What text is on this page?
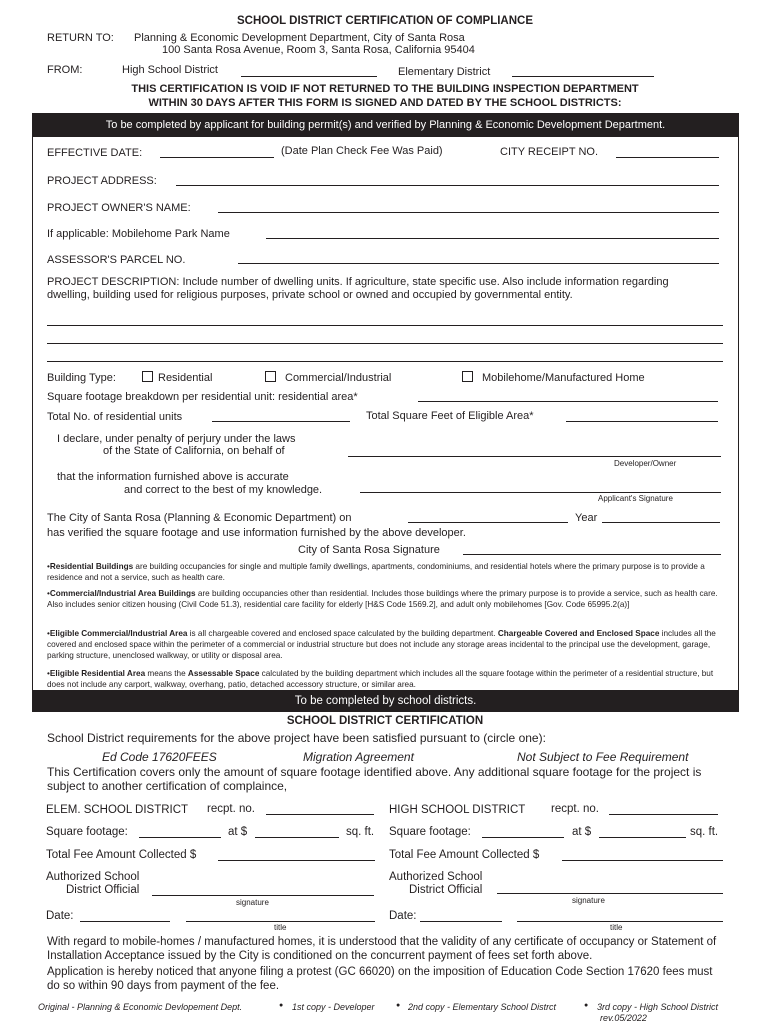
SCHOOL DISTRICT CERTIFICATION OF COMPLIANCE
RETURN TO: Planning & Economic Development Department, City of Santa Rosa
100 Santa Rosa Avenue, Room 3, Santa Rosa, California 95404
FROM:	High School District	Elementary District
THIS CERTIFICATION IS VOID IF NOT RETURNED TO THE BUILDING INSPECTION DEPARTMENT
WITHIN 30 DAYS AFTER THIS FORM IS SIGNED AND DATED BY THE SCHOOL DISTRICTS:
To be completed by applicant for building permit(s) and verified by Planning & Economic Development Department.
EFFECTIVE DATE:	(Date Plan Check Fee Was Paid)	CITY RECEIPT NO.
PROJECT ADDRESS:
PROJECT OWNER'S NAME:
If applicable: Mobilehome Park Name
ASSESSOR'S PARCEL NO.
PROJECT DESCRIPTION: Include number of dwelling units. If agriculture, state specific use. Also include information regarding dwelling, building used for religious purposes, private school or owned and occupied by governmental entity.
Building Type:	Residential	Commercial/Industrial	Mobilehome/Manufactured Home
Square footage breakdown per residential unit: residential area*
Total No. of residential units	Total Square Feet of Eligible Area*
I declare, under penalty of perjury under the laws
of the State of California, on behalf of
Developer/Owner
that the information furnished above is accurate
and correct to the best of my knowledge.
Applicant's Signature
The City of Santa Rosa (Planning & Economic Department) on	Year
has verified the square footage and use information furnished by the above developer.
City of Santa Rosa Signature
•Residential Buildings are building occupancies for single and multiple family dwellings, apartments, condominiums, and residential hotels where the primary purpose is to provide a residence and not a service, such as health care.
•Commercial/Industrial Area Buildings are building occupancies other than residential. Includes those buildings where the primary purpose is to provide a service, such as health care. Also includes senior citizen housing (Civil Code 51.3), residential care facility for elderly [H&S Code 1569.2], and adult only mobilehomes [Gov. Code 65995.2(a)]
•Eligible Commercial/Industrial Area is all chargeable covered and enclosed space calculated by the building department. Chargeable Covered and Enclosed Space includes all the covered and enclosed space within the perimeter of a commercial or industrial structure but does not include any storage areas incidental to the principal use the development, garage, parking structure, unenclosed walkway, or utility or disposal area.
•Eligible Residential Area means the Assessable Space calculated by the building department which includes all the square footage within the perimeter of a residential structure, but does not include any carport, walkway, overhang, patio, detached accessory structure, or similar area.
To be completed by school districts.
SCHOOL DISTRICT CERTIFICATION
School District requirements for the above project have been satisfied pursuant to (circle one):
Ed Code 17620FEES	Migration Agreement	Not Subject to Fee Requirement
This Certification covers only the amount of square footage identified above. Any additional square footage for the project is subject to another certification of complaince,
ELEM. SCHOOL DISTRICT recpt. no.
Square footage:	at $	sq. ft.
Total Fee Amount Collected $
Authorized School
District Official
signature
Date:
title
HIGH SCHOOL DISTRICT recpt. no.
Square footage:	at $	sq. ft.
Total Fee Amount Collected $
Authorized School
District Official
signature
Date:
title
With regard to mobile-homes / manufactured homes, it is understood that the validity of any certificate of occupancy or Statement of Installation Acceptance issued by the City is conditioned on the concurrent payment of fees set forth above.
Application is hereby noticed that anyone filing a protest (GC 66020) on the imposition of Education Code Section 17620 fees must do so within 90 days from payment of the fee.
Original - Planning & Economic Devlopement Dept.	● 1st copy - Developer	● 2nd copy - Elementary School Distrct	● 3rd copy - High School District
rev.05/2022
